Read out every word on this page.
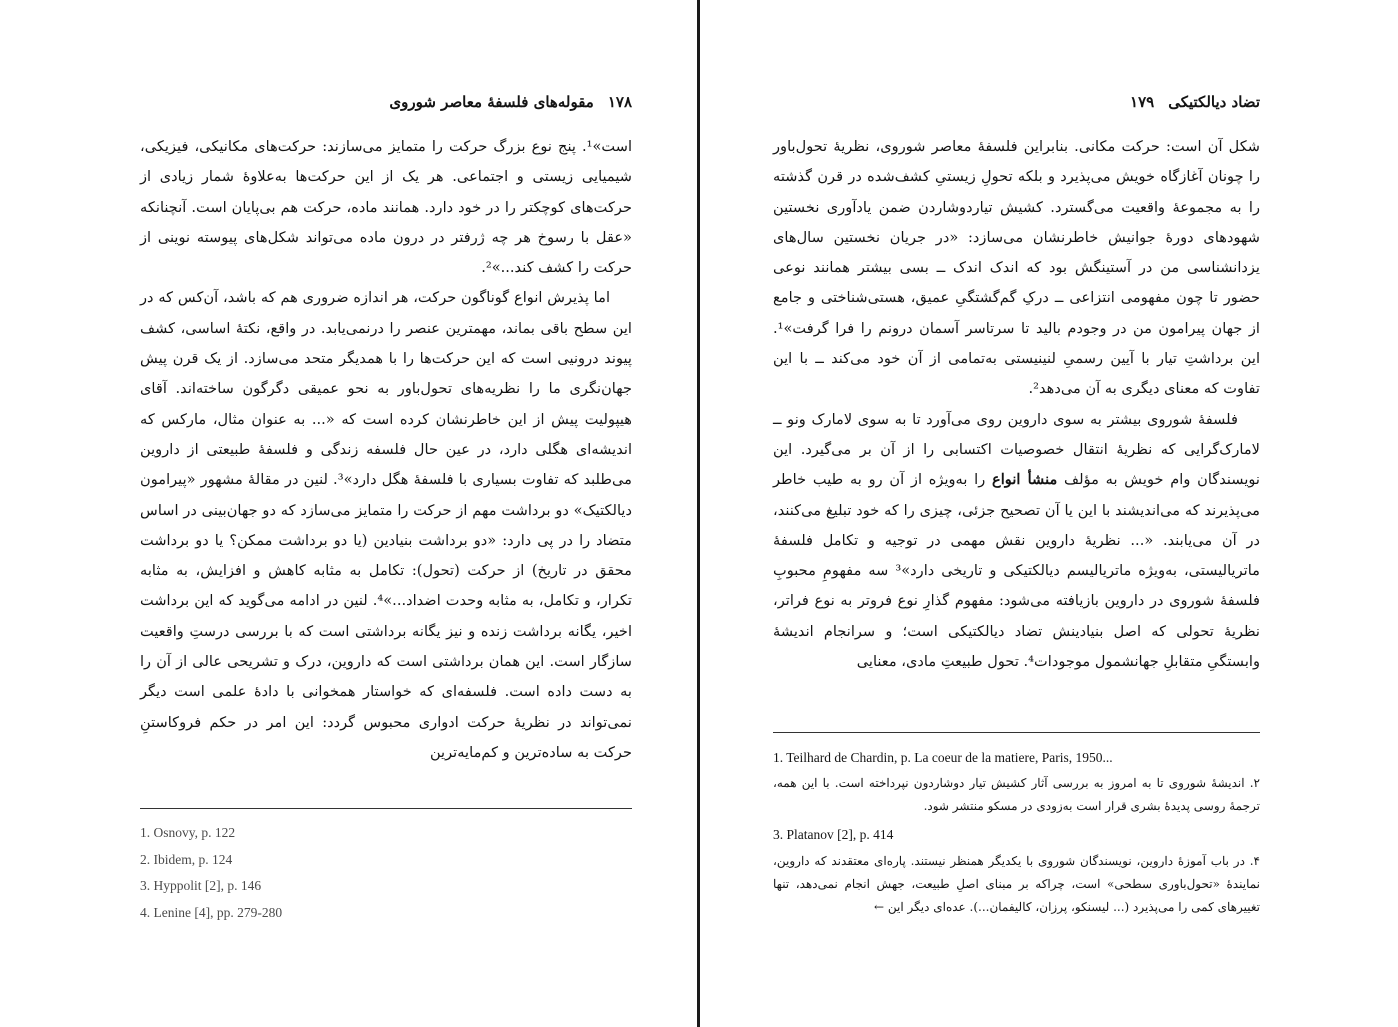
۱۷۸مقوله‌های فلسفهٔ معاصر شوروی

است»¹. پنج نوع بزرگ حرکت را متمایز می‌سازند: حرکت‌های مکانیکی، فیزیکی، شیمیایی زیستی و اجتماعی. هر یک از این حرکت‌ها به‌علاوهٔ شمار زیادی از حرکت‌های کوچکتر را در خود دارد. همانند ماده، حرکت هم بی‌پایان است. آنچنانکه «عقل با رسوخ هر چه ژرفتر در درون ماده می‌تواند شکل‌های پیوسته نوینی از حرکت را کشف کند...»².

اما پذیرش انواع گوناگون حرکت، هر اندازه ضروری هم که باشد، آن‌کس که در این سطح باقی بماند، مهمترین عنصر را درنمی‌یابد. در واقع، نکتهٔ اساسی، کشف پیوند درونیی است که این حرکت‌ها را با همدیگر متحد می‌سازد. از یک قرن پیش جهان‌نگری ما را نظریه‌های تحول‌باور به نحو عمیقی دگرگون ساخته‌اند. آقای هیپولیت پیش از این خاطرنشان کرده است که «... به عنوان مثال، مارکس که اندیشه‌ای هگلی دارد، در عین حال فلسفه زندگی و فلسفهٔ طبیعتی از داروین می‌طلبد که تفاوت بسیاری با فلسفهٔ هگل دارد»³. لنین در مقالهٔ مشهور «پیرامون دیالکتیک» دو برداشت مهم از حرکت را متمایز می‌سازد که دو جهان‌بینی در اساس متضاد را در پی دارد: «دو برداشت بنیادین (یا دو برداشت ممکن؟ یا دو برداشت محقق در تاریخ) از حرکت (تحول): تکامل به مثابه کاهش و افزایش، به مثابه تکرار، و تکامل، به مثابه وحدت اضداد...»⁴. لنین در ادامه می‌گوید که این برداشت اخیر، یگانه برداشت زنده و نیز یگانه برداشتی است که با بررسی درستِ واقعیت سازگار است. این همان برداشتی است که داروین، درک و تشریحی عالی از آن را به دست داده است. فلسفه‌ای که خواستار همخوانی با دادهٔ علمی است دیگر نمی‌تواند در نظریهٔ حرکت ادواری محبوس گردد: این امر در حکم فروکاستنِ حرکت به ساده‌ترین و کم‌مایه‌ترین

1. Osnovy, p. 122
2. Ibidem, p. 124
3. Hyppolit [2], p. 146
4. Lenine [4], pp. 279-280
تضاد دیالکتیکی۱۷۹

شکل آن است: حرکت مکانی. بنابراین فلسفهٔ معاصر شوروی، نظریهٔ تحول‌باور را چونان آغازگاه خویش می‌پذیرد و بلکه تحولِ زیستیِ کشف‌شده در قرن گذشته را به مجموعهٔ واقعیت می‌گسترد. کشیش تیاردوشاردن ضمن یادآوری نخستین شهودهای دورهٔ جوانیش خاطرنشان می‌سازد: «در جریان نخستین سال‌های یزدانشناسی من در آستینگش بود که اندک اندک ــ بسی بیشتر همانند نوعی حضور تا چون مفهومی انتزاعی ــ درکِ گم‌گشتگیِ عمیق، هستی‌شناختی و جامع از جهان پیرامون من در وجودم بالید تا سرتاسر آسمان درونم را فرا گرفت»¹. این برداشتِ تیار با آیین رسمیِ لنینیستی به‌تمامی از آن خود می‌کند ــ با این تفاوت که معنای دیگری به آن می‌دهد².

فلسفهٔ شوروی بیشتر به سوی داروین روی می‌آورد تا به سوی لامارک ونو ــ لامارک‌گرایی که نظریهٔ انتقال خصوصیات اکتسابی را از آن بر می‌گیرد. این نویسندگان وام خویش به مؤلف منشأ انواع را به‌ویژه از آن رو به طیب خاطر می‌پذیرند که می‌اندیشند با این یا آن تصحیح جزئی، چیزی را که خود تبلیغ می‌کنند، در آن می‌یابند. «... نظریهٔ داروین نقش مهمی در توجیه و تکامل فلسفهٔ ماتریالیستی، به‌ویژه ماتریالیسم دیالکتیکی و تاریخی دارد»³ سه مفهومِ محبوبِ فلسفهٔ شوروی در داروین بازیافته می‌شود: مفهوم گذارِ نوع فروتر به نوع فراتر، نظریهٔ تحولی که اصل بنیادینش تضاد دیالکتیکی است؛ و سرانجام اندیشهٔ وابستگیِ متقابلِ جهانشمول موجودات⁴. تحول طبیعتِ مادی، معنایی

1. Teilhard de Chardin, p. La coeur de la matiere, Paris, 1950...
۲. اندیشهٔ شوروی تا به امروز به بررسی آثار کشیش تیار دوشاردون نپرداخته است. با این همه، ترجمهٔ روسی پدیدهٔ بشری قرار است به‌زودی در مسکو منتشر شود.
3. Platanov [2], p. 414
۴. در باب آموزهٔ داروین، نویسندگان شوروی با یکدیگر همنظر نیستند. پاره‌ای معتقدند که داروین، نمایندهٔ «تحول‌باوری سطحی» است، چراکه بر مبنای اصلِ طبیعت، جهش انجام نمی‌دهد، تنها تغییرهای کمی را می‌پذیرد (... لیسنکو، پرزان، کالیفمان...). عده‌ای دیگر این ←
